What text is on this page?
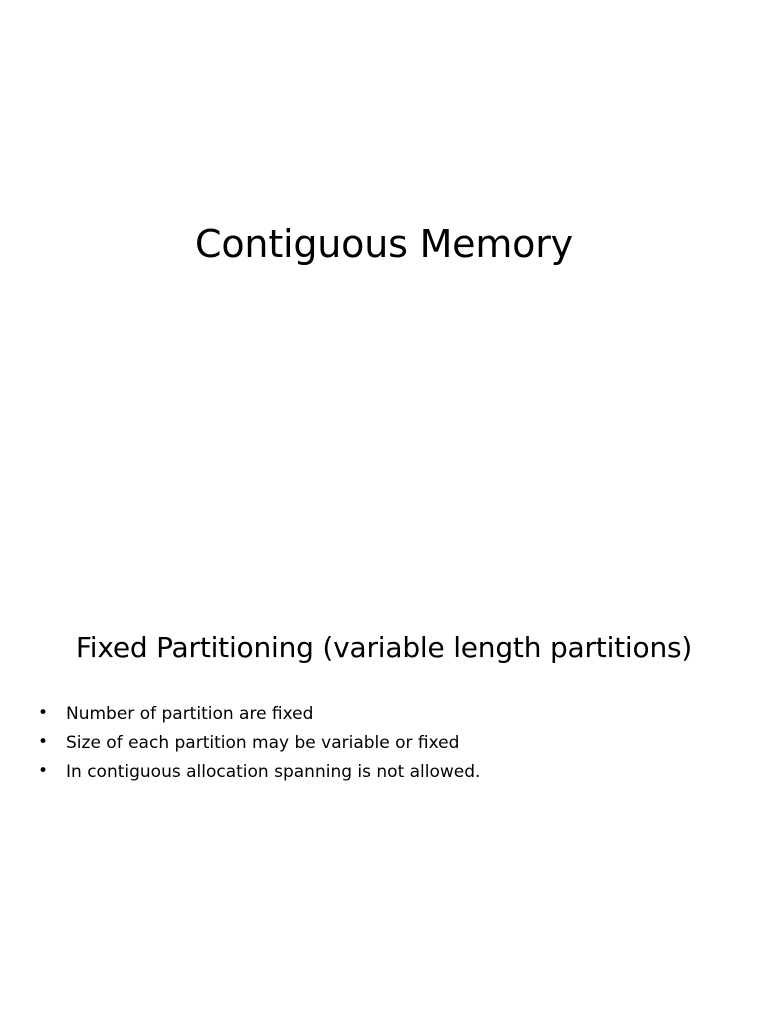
Contiguous Memory
Fixed Partitioning (variable length partitions)
• Number of partition are fixed
• Size of each partition may be variable or fixed
• In contiguous allocation spanning is not allowed.
